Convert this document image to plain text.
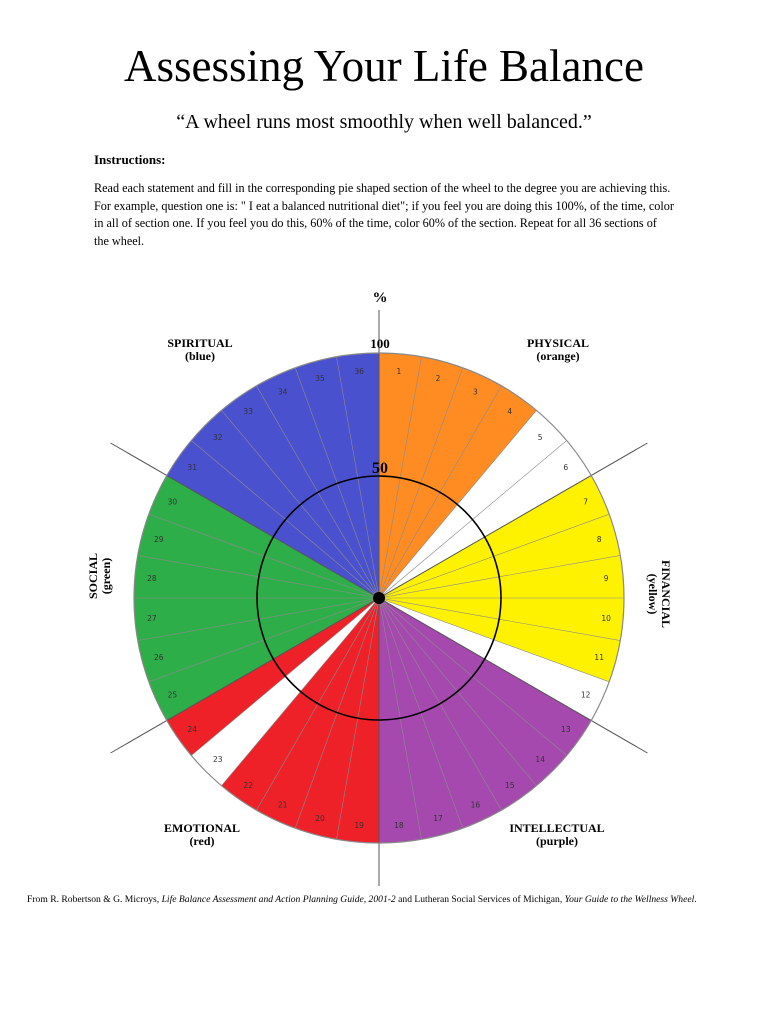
Assessing Your Life Balance
“A wheel runs most smoothly when well balanced.”
Instructions:
Read each statement and fill in the corresponding pie shaped section of the wheel to the degree you are achieving this. For example, question one is: " I eat a balanced nutritional diet"; if you feel you are doing this 100%, of the time, color in all of section one. If you feel you do this, 60% of the time, color 60% of the section. Repeat for all 36 sections of the wheel.
1
2
3
4
5
6
7
8
9
10
11
12
13
14
15
16
17
18
19
20
21
22
23
24
25
26
27
28
29
30
31
32
33
34
35
36
%
100
50
SPIRITUAL
(blue)
PHYSICAL
(orange)
EMOTIONAL
(red)
INTELLECTUAL
(purple)
SOCIAL (green)	FINANCIAL
(yellow)
From R. Robertson & G. Microys, Life Balance Assessment and Action Planning Guide, 2001-2 and Lutheran Social Services of Michigan, Your Guide to the Wellness Wheel.
